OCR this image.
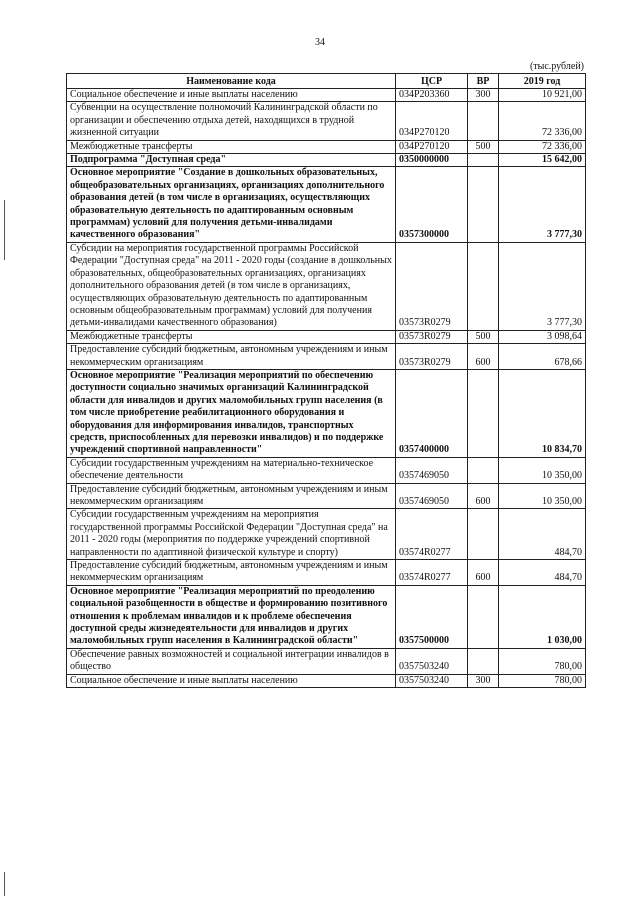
34
(тыс.рублей)
Наименование кода	ЦСР	ВР	2019 год
Социальное обеспечение и иные выплаты населению	034P203360	300	10 921,00
Субвенции на осуществление полномочий Калининградской области по организации и обеспечению отдыха детей, находящихся в трудной жизненной ситуации	034P270120		72 336,00
Межбюджетные трансферты	034P270120	500	72 336,00
Подпрограмма "Доступная среда"	0350000000		15 642,00
Основное мероприятие "Создание в дошкольных образовательных, общеобразовательных организациях, организациях дополнительного образования детей (в том числе в организациях, осуществляющих образовательную деятельность по адаптированным основным программам) условий для получения детьми-инвалидами качественного образования"	0357300000		3 777,30
Субсидии на мероприятия государственной программы Российской Федерации "Доступная среда" на 2011 - 2020 годы (создание в дошкольных образовательных, общеобразовательных организациях, организациях дополнительного образования детей (в том числе в организациях, осуществляющих образовательную деятельность по адаптированным основным общеобразовательным программам) условий для получения детьми-инвалидами качественного образования)	03573R0279		3 777,30
Межбюджетные трансферты	03573R0279	500	3 098,64
Предоставление субсидий бюджетным, автономным учреждениям и иным некоммерческим организациям	03573R0279	600	678,66
Основное мероприятие "Реализация мероприятий по обеспечению доступности социально значимых организаций Калининградской области для инвалидов и других маломобильных групп населения (в том числе приобретение реабилитационного оборудования и оборудования для информирования инвалидов, транспортных средств, приспособленных для перевозки инвалидов) и по поддержке учреждений спортивной направленности"	0357400000		10 834,70
Субсидии государственным учреждениям на материально-техническое обеспечение деятельности	0357469050		10 350,00
Предоставление субсидий бюджетным, автономным учреждениям и иным некоммерческим организациям	0357469050	600	10 350,00
Субсидии государственным учреждениям на мероприятия государственной программы Российской Федерации "Доступная среда" на 2011 - 2020 годы (мероприятия по поддержке учреждений спортивной направленности по адаптивной физической культуре и спорту)	03574R0277		484,70
Предоставление субсидий бюджетным, автономным учреждениям и иным некоммерческим организациям	03574R0277	600	484,70
Основное мероприятие "Реализация мероприятий по преодолению социальной разобщенности в обществе и формированию позитивного отношения к проблемам инвалидов и к проблеме обеспечения доступной среды жизнедеятельности для инвалидов и других маломобильных групп населения в Калининградской области"	0357500000		1 030,00
Обеспечение равных возможностей и социальной интеграции инвалидов в общество	0357503240		780,00
Социальное обеспечение и иные выплаты населению	0357503240	300	780,00
